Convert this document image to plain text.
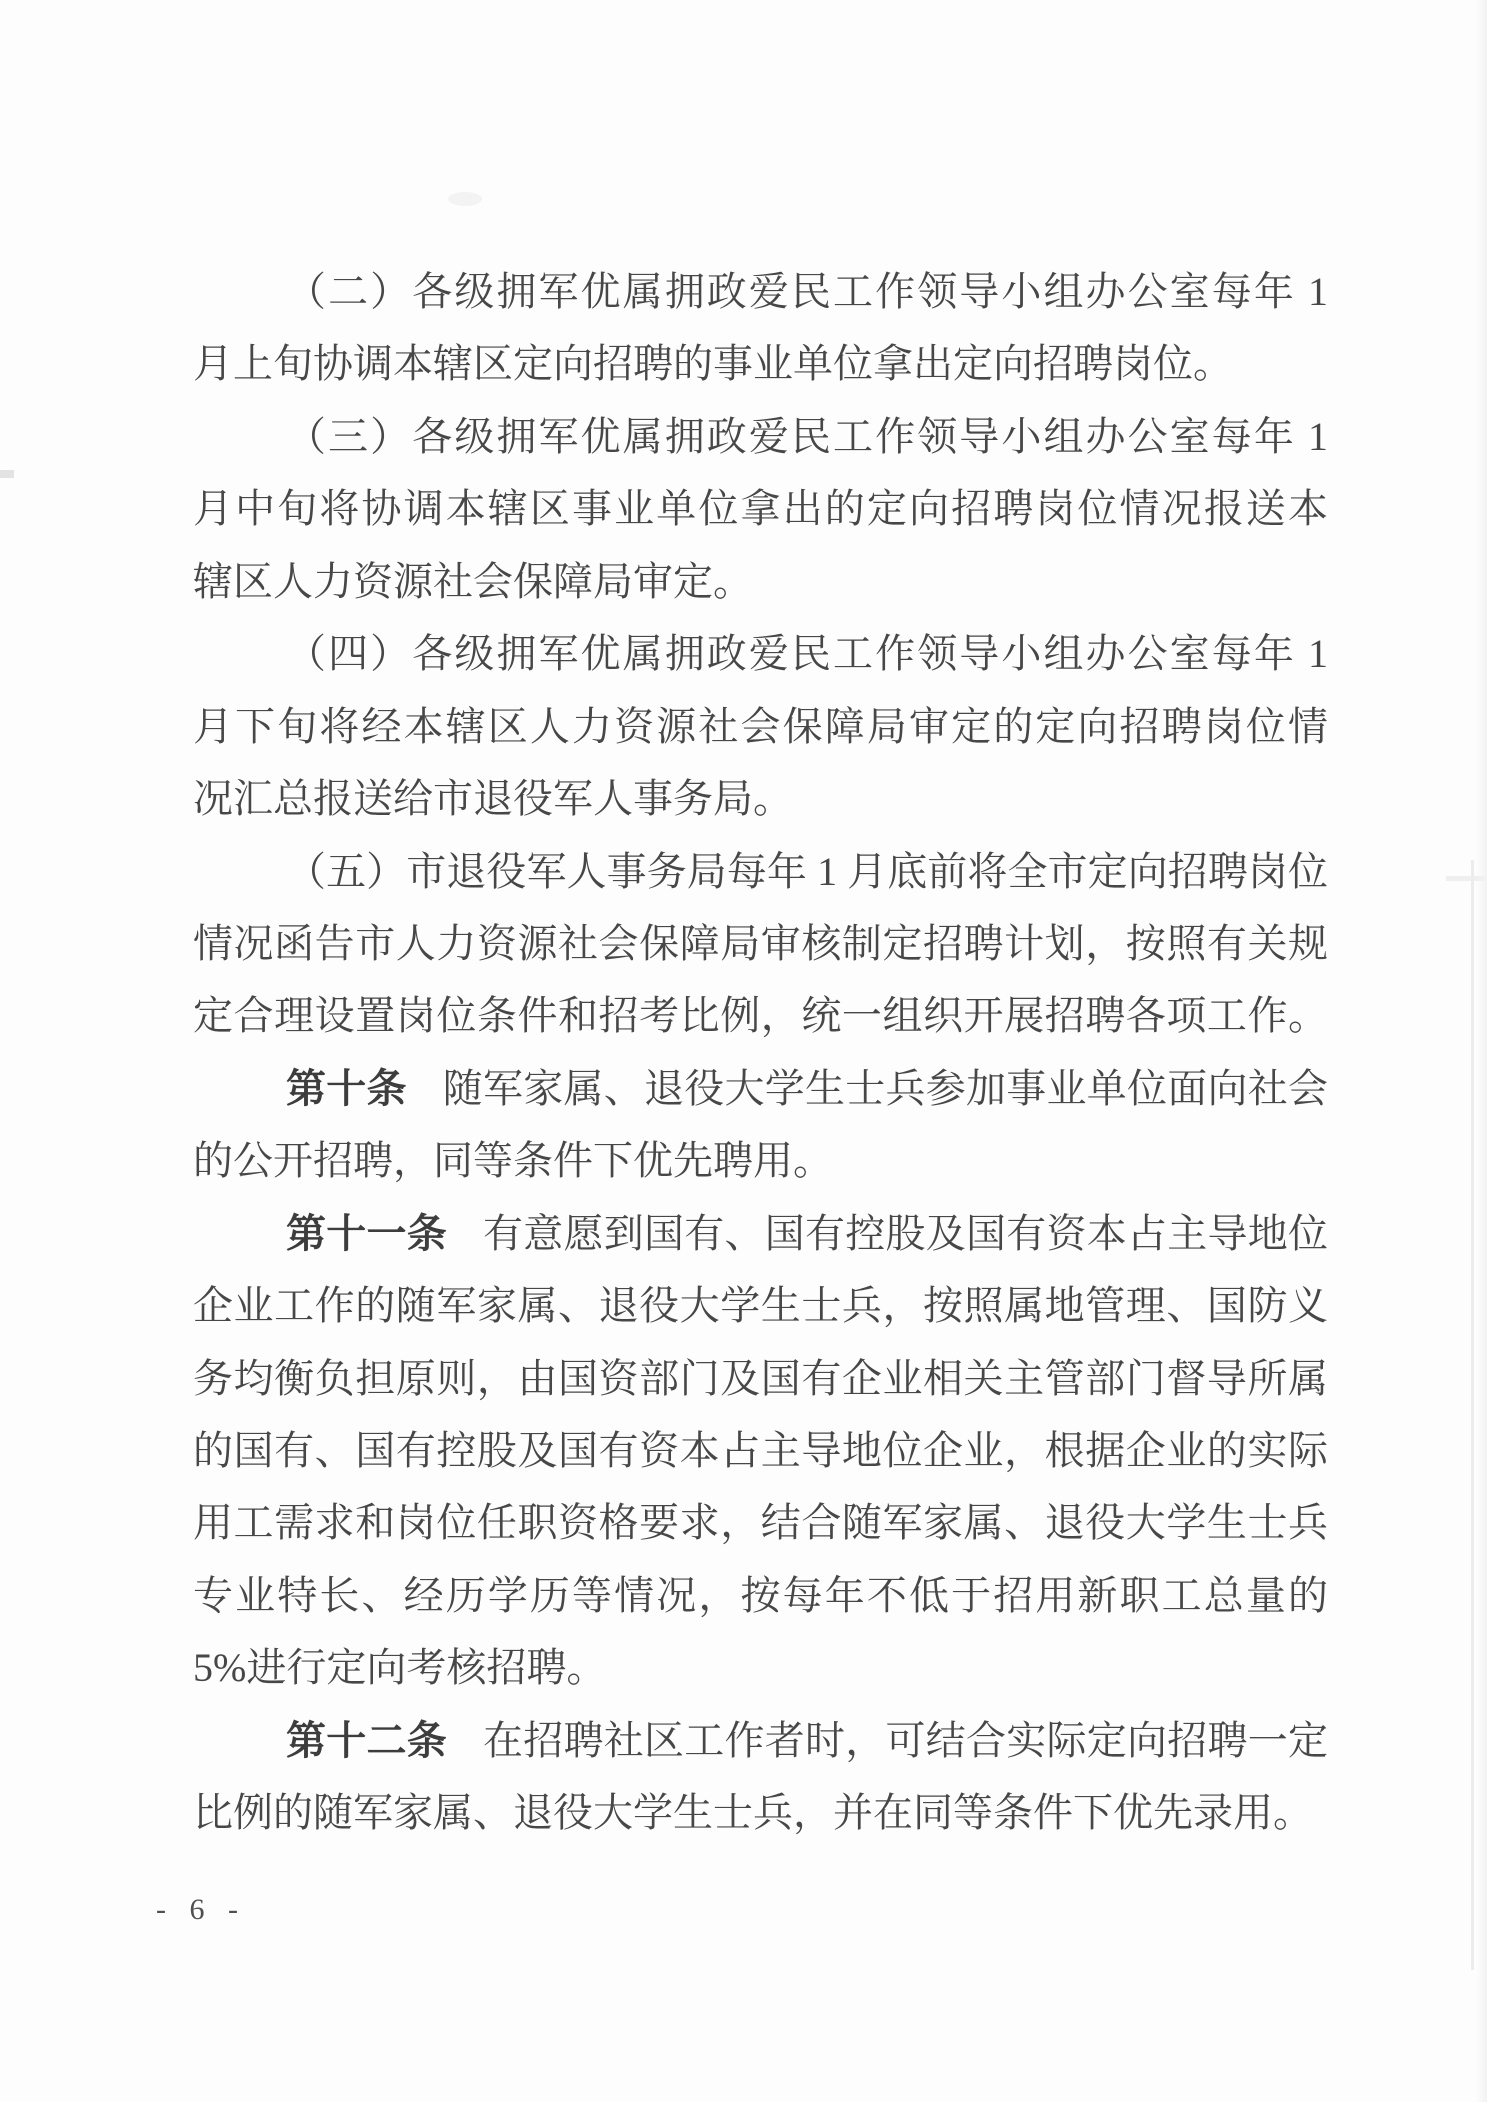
（二）各级拥军优属拥政爱民工作领导小组办公室每年 1
月上旬协调本辖区定向招聘的事业单位拿出定向招聘岗位。
（三）各级拥军优属拥政爱民工作领导小组办公室每年 1
月中旬将协调本辖区事业单位拿出的定向招聘岗位情况报送本
辖区人力资源社会保障局审定。
（四）各级拥军优属拥政爱民工作领导小组办公室每年 1
月下旬将经本辖区人力资源社会保障局审定的定向招聘岗位情
况汇总报送给市退役军人事务局。
（五）市退役军人事务局每年 1 月底前将全市定向招聘岗位
情况函告市人力资源社会保障局审核制定招聘计划，按照有关规
定合理设置岗位条件和招考比例，统一组织开展招聘各项工作。
第十条 随军家属、退役大学生士兵参加事业单位面向社会
的公开招聘，同等条件下优先聘用。
第十一条 有意愿到国有、国有控股及国有资本占主导地位
企业工作的随军家属、退役大学生士兵，按照属地管理、国防义
务均衡负担原则，由国资部门及国有企业相关主管部门督导所属
的国有、国有控股及国有资本占主导地位企业，根据企业的实际
用工需求和岗位任职资格要求，结合随军家属、退役大学生士兵
专业特长、经历学历等情况，按每年不低于招用新职工总量的
5%进行定向考核招聘。
第十二条 在招聘社区工作者时，可结合实际定向招聘一定
比例的随军家属、退役大学生士兵，并在同等条件下优先录用。
- 6 -
